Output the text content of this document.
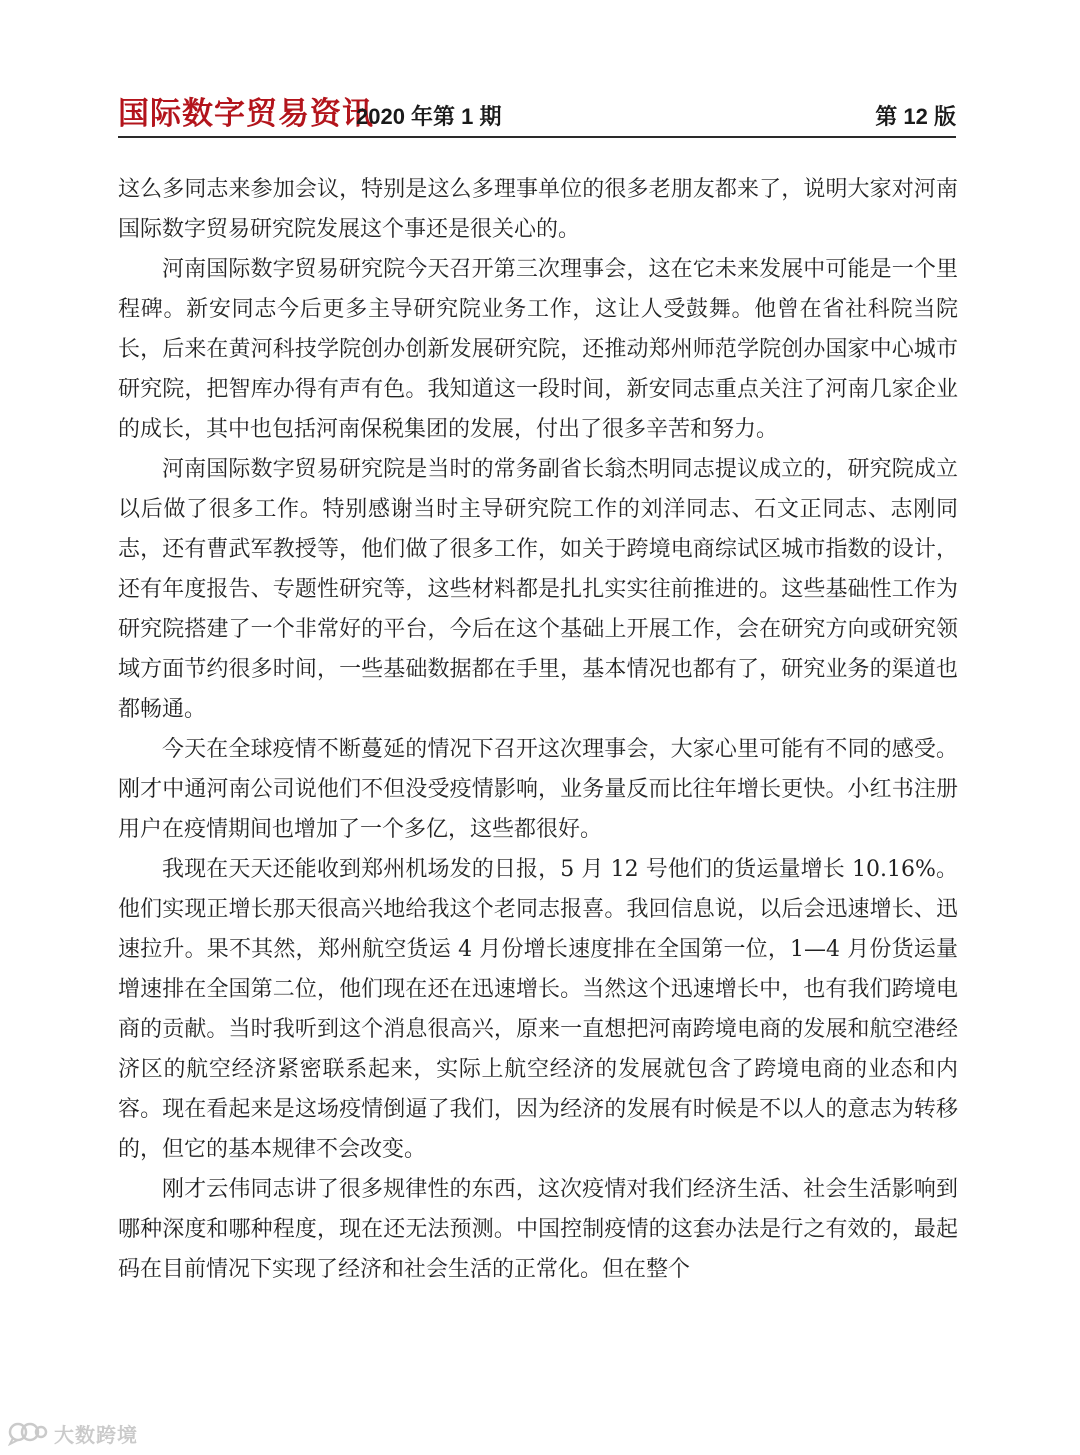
国际数字贸易资讯
2020 年第 1 期	第 12 版

这么多同志来参加会议，特别是这么多理事单位的很多老朋友都来了，说明大家对河南国际数字贸易研究院发展这个事还是很关心的。

河南国际数字贸易研究院今天召开第三次理事会，这在它未来发展中可能是一个里程碑。新安同志今后更多主导研究院业务工作，这让人受鼓舞。他曾在省社科院当院长，后来在黄河科技学院创办创新发展研究院，还推动郑州师范学院创办国家中心城市研究院，把智库办得有声有色。我知道这一段时间，新安同志重点关注了河南几家企业的成长，其中也包括河南保税集团的发展，付出了很多辛苦和努力。

河南国际数字贸易研究院是当时的常务副省长翁杰明同志提议成立的，研究院成立以后做了很多工作。特别感谢当时主导研究院工作的刘洋同志、石文正同志、志刚同志，还有曹武军教授等，他们做了很多工作，如关于跨境电商综试区城市指数的设计，还有年度报告、专题性研究等，这些材料都是扎扎实实往前推进的。这些基础性工作为研究院搭建了一个非常好的平台，今后在这个基础上开展工作，会在研究方向或研究领域方面节约很多时间，一些基础数据都在手里，基本情况也都有了，研究业务的渠道也都畅通。

今天在全球疫情不断蔓延的情况下召开这次理事会，大家心里可能有不同的感受。刚才中通河南公司说他们不但没受疫情影响，业务量反而比往年增长更快。小红书注册用户在疫情期间也增加了一个多亿，这些都很好。

我现在天天还能收到郑州机场发的日报，5 月 12 号他们的货运量增长 10.16%。他们实现正增长那天很高兴地给我这个老同志报喜。我回信息说，以后会迅速增长、迅速拉升。果不其然，郑州航空货运 4 月份增长速度排在全国第一位，1—4 月份货运量增速排在全国第二位，他们现在还在迅速增长。当然这个迅速增长中，也有我们跨境电商的贡献。当时我听到这个消息很高兴，原来一直想把河南跨境电商的发展和航空港经济区的航空经济紧密联系起来，实际上航空经济的发展就包含了跨境电商的业态和内容。现在看起来是这场疫情倒逼了我们，因为经济的发展有时候是不以人的意志为转移的，但它的基本规律不会改变。

刚才云伟同志讲了很多规律性的东西，这次疫情对我们经济生活、社会生活影响到哪种深度和哪种程度，现在还无法预测。中国控制疫情的这套办法是行之有效的，最起码在目前情况下实现了经济和社会生活的正常化。但在整个

大数跨境
